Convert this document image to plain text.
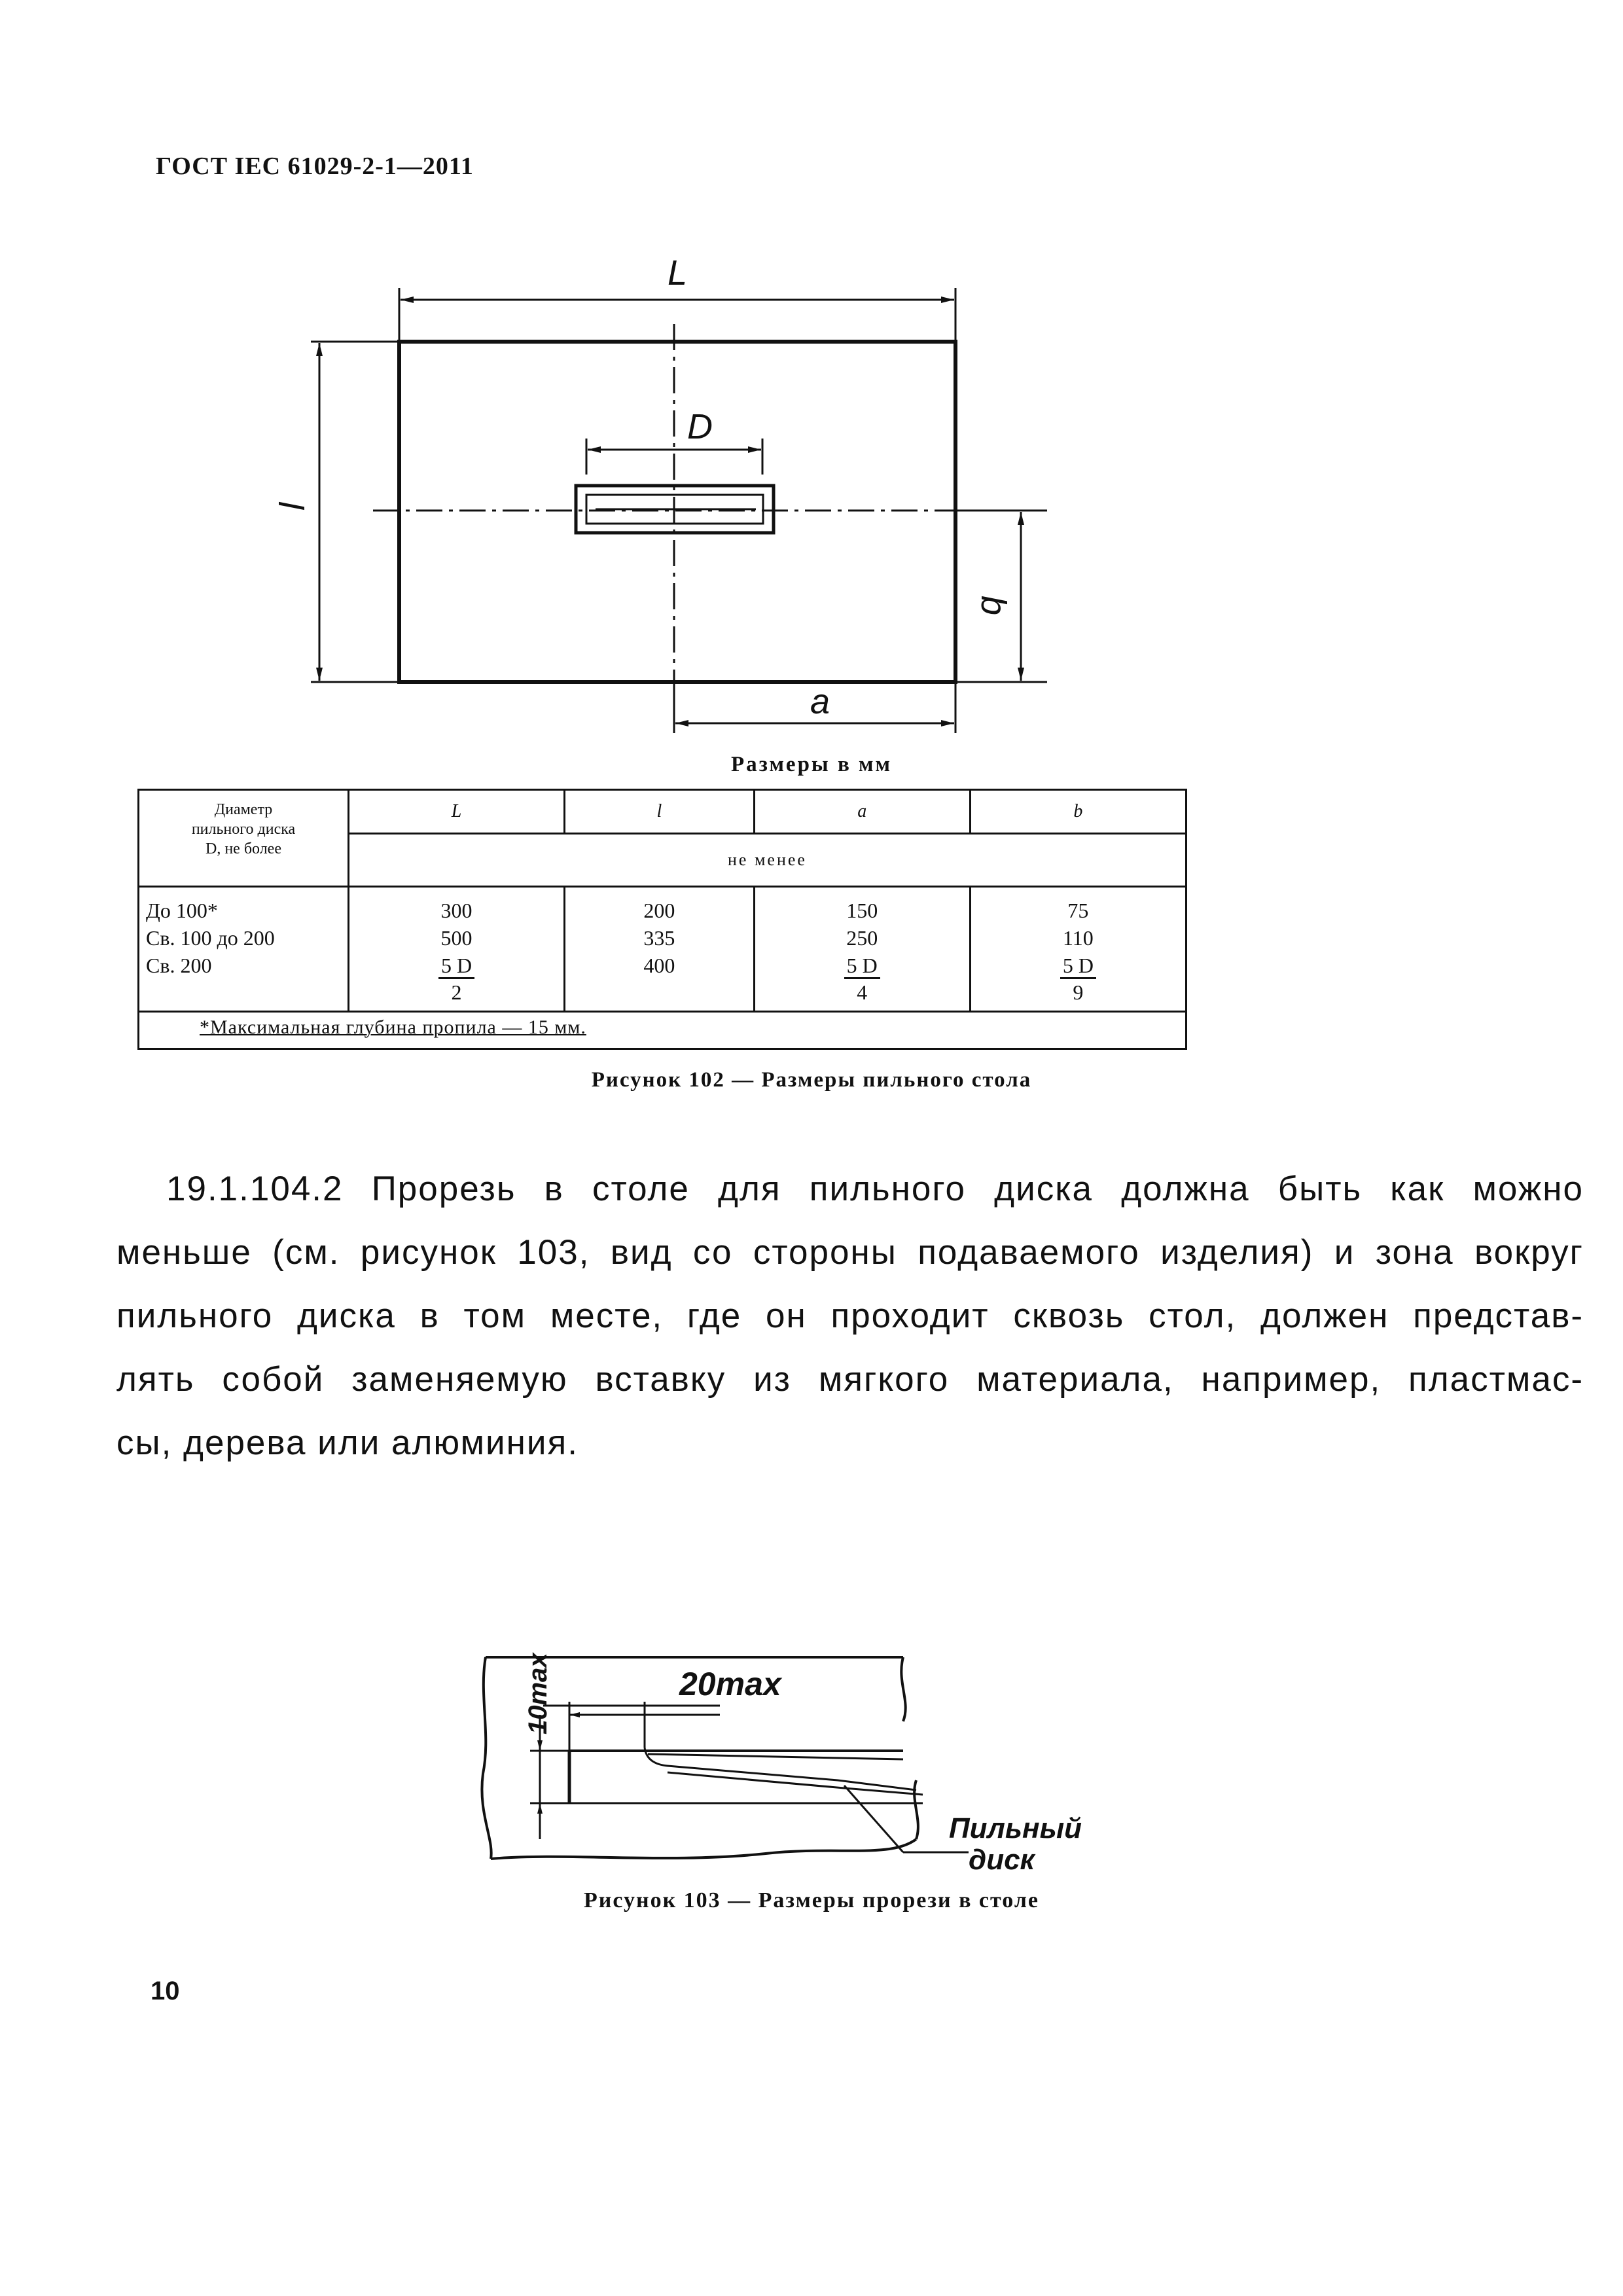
ГОСТ IEC 61029-2-1—2011
L
D
a
l
b
Размеры в мм
Диаметр
пильного диска
D, не более	L	l	a	b
	не менее			

До 100*
Св. 100 до 200
Св. 200	300
500
5 D
2	200
335
400	150
250
5 D
4	75
110
5 D
9

*Максимальная глубина пропила — 15 мм.				
Рисунок 102 — Размеры пильного стола
19.1.104.2 Прорезь в столе для пильного диска должна быть как можно
меньше (см. рисунок 103, вид со стороны подаваемого изделия) и зона вокруг
пильного диска в том месте, где он проходит сквозь стол, должен представ-
лять собой заменяемую вставку из мягкого материала, например, пластмас-
сы, дерева или алюминия.
20max
10max
Пильный
диск
Рисунок 103 — Размеры прорези в столе
10
